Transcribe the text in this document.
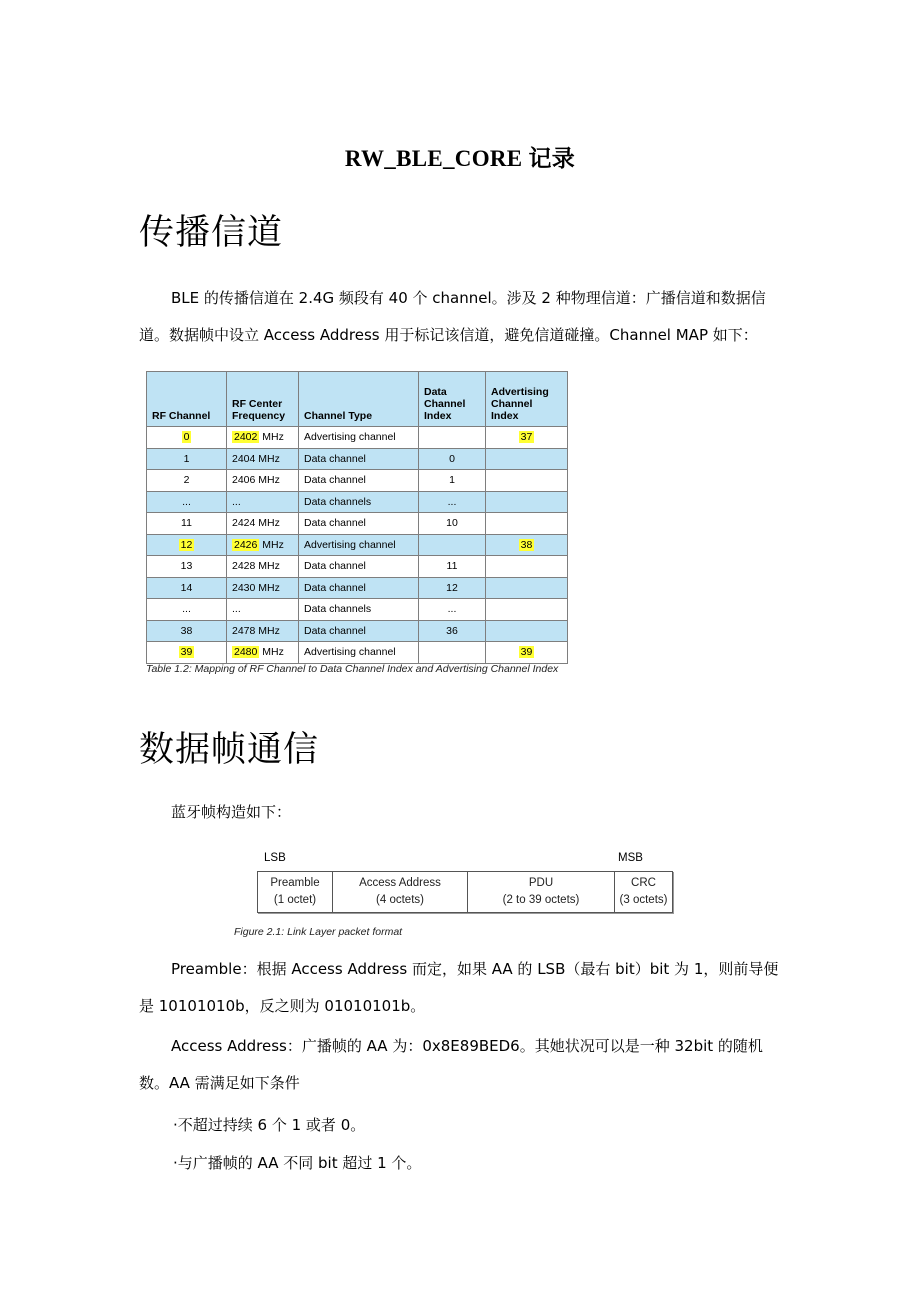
RW_BLE_CORE 记录
传播信道
BLE 的传播信道在 2.4G 频段有 40 个 channel。涉及 2 种物理信道：广播信道和数据信道。数据帧中设立 Access Address 用于标记该信道，避免信道碰撞。Channel MAP 如下：
RF Channel	RF Center Frequency	Channel Type	Data Channel Index	Advertising Channel Index
0	2402 MHz	Advertising channel		37
1	2404 MHz	Data channel	0	
2	2406 MHz	Data channel	1	
...	...	Data channels	...	
11	2424 MHz	Data channel	10	
12	2426 MHz	Advertising channel		38
13	2428 MHz	Data channel	11	
14	2430 MHz	Data channel	12	
...	...	Data channels	...	
38	2478 MHz	Data channel	36	
39	2480 MHz	Advertising channel		39
Table 1.2: Mapping of RF Channel to Data Channel Index and Advertising Channel Index
数据帧通信
蓝牙帧构造如下：
LSB	MSB
Preamble
(1 octet)
Access Address
(4 octets)
PDU
(2 to 39 octets)
CRC
(3 octets)
Figure 2.1: Link Layer packet format
Preamble：根据 Access Address 而定，如果 AA 的 LSB（最右 bit）bit 为 1，则前导便是 10101010b，反之则为 01010101b。
Access Address：广播帧的 AA 为：0x8E89BED6。其她状况可以是一种 32bit 的随机数。AA 需满足如下条件
·不超过持续 6 个 1 或者 0。
·与广播帧的 AA 不同 bit 超过 1 个。
